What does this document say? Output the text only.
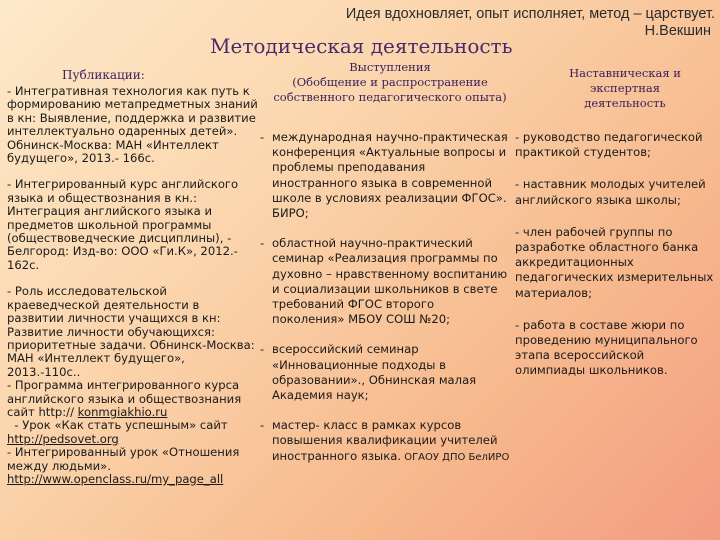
Идея вдохновляет, опыт исполняет, метод – царствует.
Н.Векшин
Методическая деятельность
Публикации:

- Интегративная технология как путь к формированию метапредметных знаний в кн: Выявление, поддержка и развитие интеллектуально одаренных детей». Обнинск-Москва: МАН «Интеллект будущего», 2013.- 166с.

- Интегрированный курс английского языка и обществознания в кн.: Интеграция английского языка и предметов школьной программы (обществоведческие дисциплины), - Белгород: Изд-во: ООО «Ги.К», 2012.- 162с.

- Роль исследовательской краеведческой деятельности в развитии личности учащихся в кн: Развитие личности обучающихся: приоритетные задачи. Обнинск-Москва: МАН «Интеллект будущего», 2013.-110с..

- Программа интегрированного курса английского языка и обществознания сайт http:// konmgiakhio.ru
- Урок «Как стать успешным» сайт
http://pedsovet.org
- Интегрированный урок «Отношения между людьми».
http://www.openclass.ru/my_page_all
Выступления
(Обобщение и распространение
собственного педагогического опыта)
- международная научно-практическая конференция «Актуальные вопросы и проблемы преподавания иностранного языка в современной школе в условиях реализации ФГОС». БИРО;
- областной научно-практический семинар «Реализация программы по духовно – нравственному воспитанию и социализации школьников в свете требований ФГОС второго поколения» МБОУ СОШ №20;
- всероссийский семинар «Инновационные подходы в образовании»., Обнинская малая Академия наук;
- мастер- класс в рамках курсов повышения квалификации учителей иностранного языка. ОГАОУ ДПО БелИРО
Наставническая и
экспертная
деятельность
- руководство педагогической практикой студентов;
- наставник молодых учителей английского языка школы;
- член рабочей группы по разработке областного банка аккредитационных педагогических измерительных материалов;
- работа в составе жюри по проведению муниципального этапа всероссийской олимпиады школьников.
